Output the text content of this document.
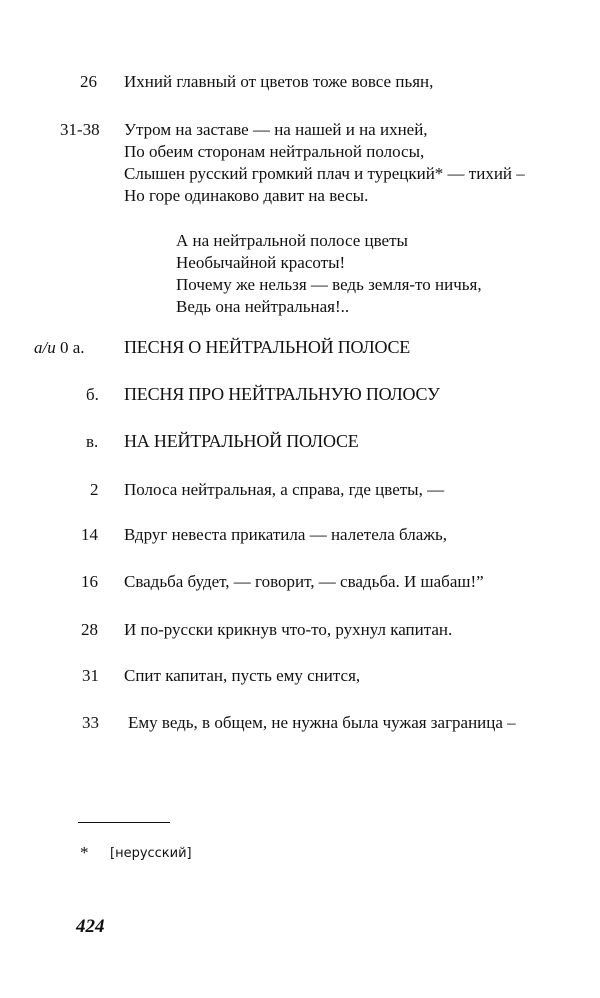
26 Ихний главный от цветов тоже вовсе пьян,
31-38 Утром на заставе — на нашей и на ихней,
По обеим сторонам нейтральной полосы,
Слышен русский громкий плач и турецкий* — тихий –
Но горе одинаково давит на весы.
А на нейтральной полосе цветы
Необычайной красоты!
Почему же нельзя — ведь земля-то ничья,
Ведь она нейтральная!..
а/и 0 а. ПЕСНЯ О НЕЙТРАЛЬНОЙ ПОЛОСЕ
б. ПЕСНЯ ПРО НЕЙТРАЛЬНУЮ ПОЛОСУ
в. НА НЕЙТРАЛЬНОЙ ПОЛОСЕ
2 Полоса нейтральная, а справа, где цветы, —
14 Вдруг невеста прикатила — налетела блажь,
16 Свадьба будет, — говорит, — свадьба. И шабаш!”
28 И по-русски крикнув что-то, рухнул капитан.
31 Спит капитан, пусть ему снится,
33 Ему ведь, в общем, не нужна была чужая заграница –
* [нерусский]
424
